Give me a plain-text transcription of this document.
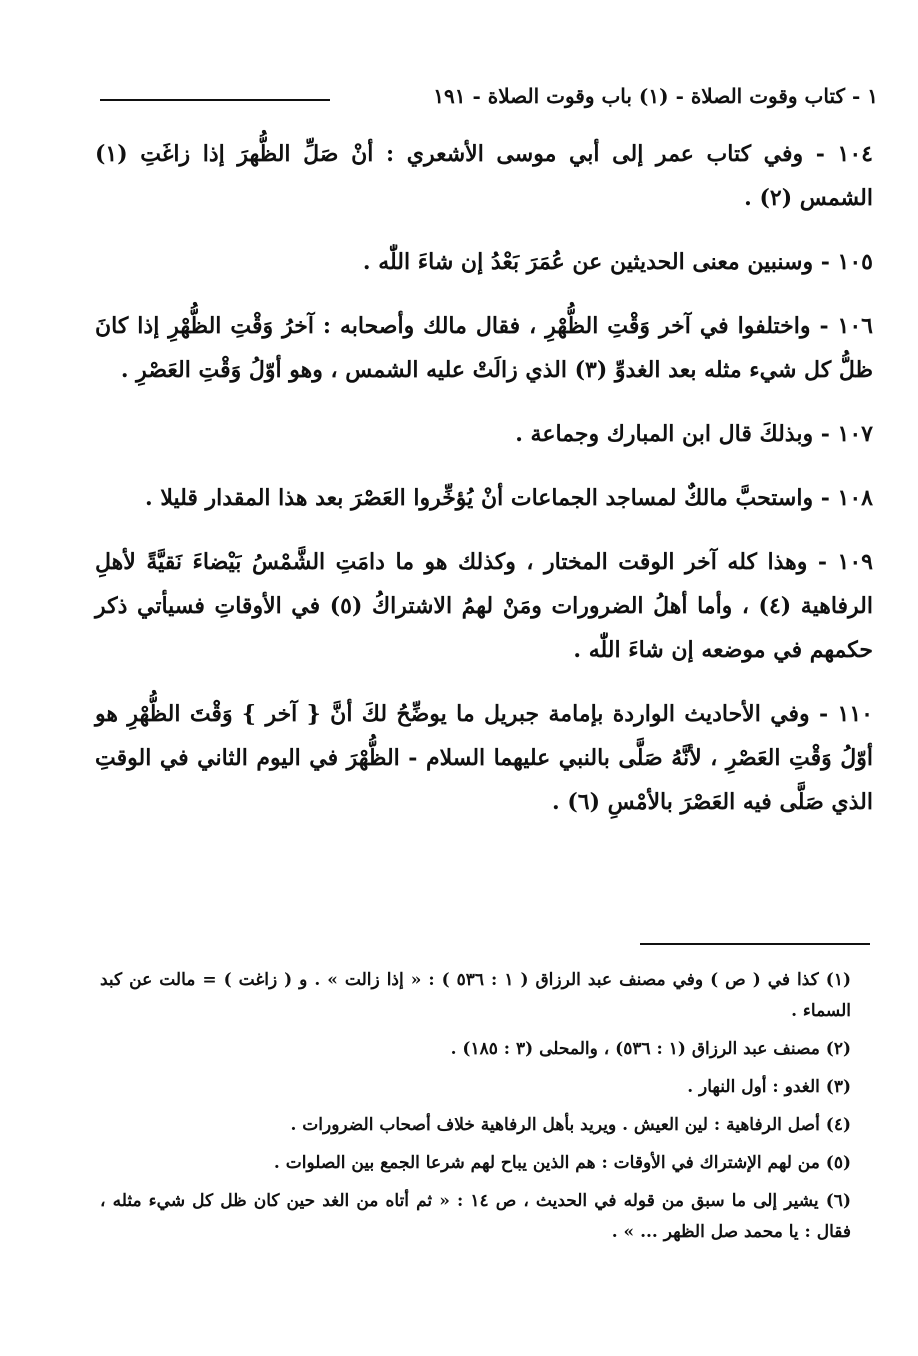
١ - كتاب وقوت الصلاة - (١) باب وقوت الصلاة - ١٩١

١٠٤ - وفي كتاب عمر إلى أبي موسى الأشعري : أنْ صَلِّ الظُّهرَ إذا زاغَتِ (١) الشمس (٢) .

١٠٥ - وسنبين معنى الحديثين عن عُمَرَ بَعْدُ إن شاءَ اللّٰه .

١٠٦ - واختلفوا في آخر وَقْتِ الظُّهْرِ ، فقال مالك وأصحابه : آخرُ وَقْتِ الظُّهْرِ إذا كانَ ظلُّ كل شيء مثله بعد الغدوِّ (٣) الذي زالَتْ عليه الشمس ، وهو أوّلُ وَقْتِ العَصْرِ .

١٠٧ - وبذلكَ قال ابن المبارك وجماعة .

١٠٨ - واستحبَّ مالكٌ لمساجد الجماعات أنْ يُؤخِّروا العَصْرَ بعد هذا المقدار قليلا .

١٠٩ - وهذا كله آخر الوقت المختار ، وكذلك هو ما دامَتِ الشَّمْسُ بَيْضاءَ نَقيَّةً لأهلِ الرفاهية (٤) ، وأما أهلُ الضرورات ومَنْ لهمُ الاشتراكُ (٥) في الأوقاتِ فسيأتي ذكر حكمهم في موضعه إن شاءَ اللّٰه .

١١٠ - وفي الأحاديث الواردة بإمامة جبريل ما يوضِّحُ لكَ أنَّ { آخر } وَقْتَ الظُّهْرِ هو أوّلُ وَقْتِ العَصْرِ ، لأنَّهُ صَلَّى بالنبي عليهما السلام - الظُّهْرَ في اليوم الثاني في الوقتِ الذي صَلَّى فيه العَصْرَ بالأمْسِ (٦) .

(١) كذا في ( ص ) وفي مصنف عبد الرزاق ( ١ : ٥٣٦ ) : « إذا زالت » . و ( زاغت ) = مالت عن كبد السماء .

(٢) مصنف عبد الرزاق (١ : ٥٣٦) ، والمحلى (٣ : ١٨٥) .

(٣) الغدو : أول النهار .

(٤) أصل الرفاهية : لين العيش . ويريد بأهل الرفاهية خلاف أصحاب الضرورات .

(٥) من لهم الإشتراك في الأوقات : هم الذين يباح لهم شرعا الجمع بين الصلوات .

(٦) يشير إلى ما سبق من قوله في الحديث ، ص ١٤ : « ثم أتاه من الغد حين كان ظل كل شيء مثله ، فقال : يا محمد صل الظهر ... » .
